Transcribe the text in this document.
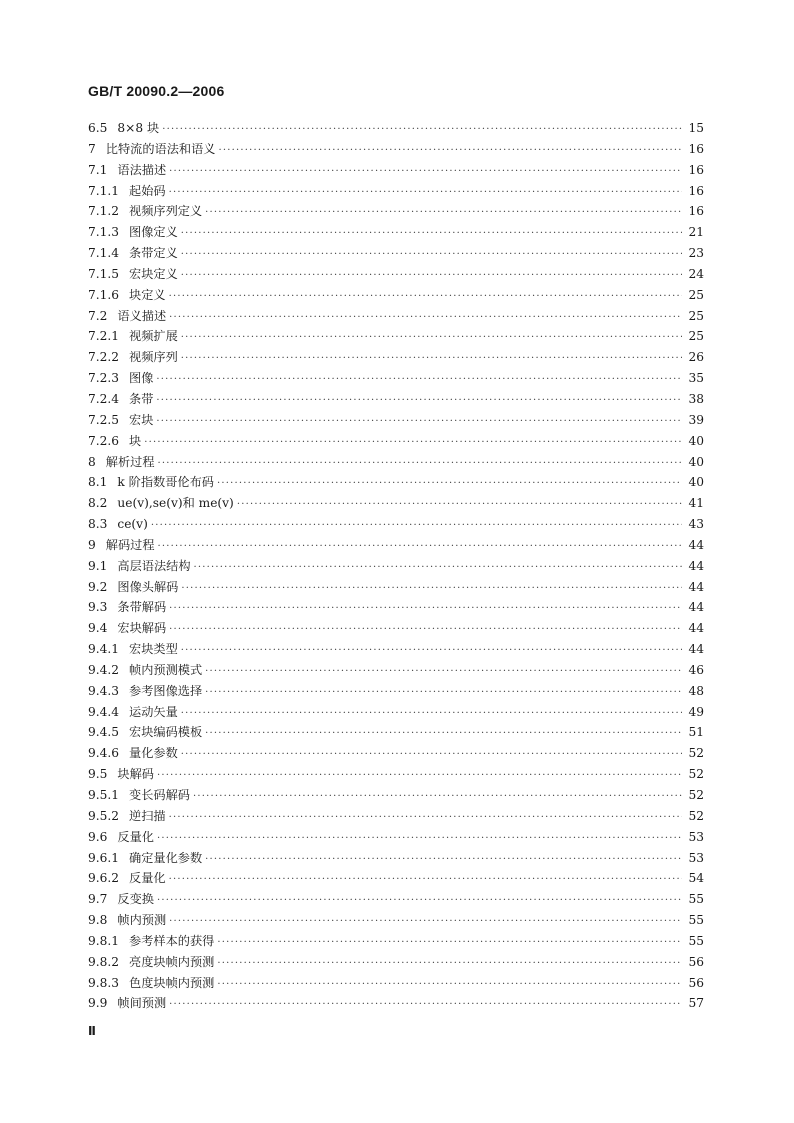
GB/T 20090.2—2006
6.5 8×8 块 ·····	15
7 比特流的语法和语义 ·····	16
7.1 语法描述 ·····	16
7.1.1 起始码 ·····	16
7.1.2 视频序列定义 ·····	16
7.1.3 图像定义 ·····	21
7.1.4 条带定义 ·····	23
7.1.5 宏块定义 ·····	24
7.1.6 块定义 ·····	25
7.2 语义描述 ·····	25
7.2.1 视频扩展 ·····	25
7.2.2 视频序列 ·····	26
7.2.3 图像 ·····	35
7.2.4 条带 ·····	38
7.2.5 宏块 ·····	39
7.2.6 块 ·····	40
8 解析过程 ·····	40
8.1 k 阶指数哥伦布码 ·····	40
8.2 ue(v),se(v)和 me(v) ·····	41
8.3 ce(v) ·····	43
9 解码过程 ·····	44
9.1 高层语法结构 ·····	44
9.2 图像头解码 ·····	44
9.3 条带解码 ·····	44
9.4 宏块解码 ·····	44
9.4.1 宏块类型 ·····	44
9.4.2 帧内预测模式 ·····	46
9.4.3 参考图像选择 ·····	48
9.4.4 运动矢量 ·····	49
9.4.5 宏块编码模板 ·····	51
9.4.6 量化参数 ·····	52
9.5 块解码 ·····	52
9.5.1 变长码解码 ·····	52
9.5.2 逆扫描 ·····	52
9.6 反量化 ·····	53
9.6.1 确定量化参数 ·····	53
9.6.2 反量化 ·····	54
9.7 反变换 ·····	55
9.8 帧内预测 ·····	55
9.8.1 参考样本的获得 ·····	55
9.8.2 亮度块帧内预测 ·····	56
9.8.3 色度块帧内预测 ·····	56
9.9 帧间预测 ·····	57
Ⅱ
